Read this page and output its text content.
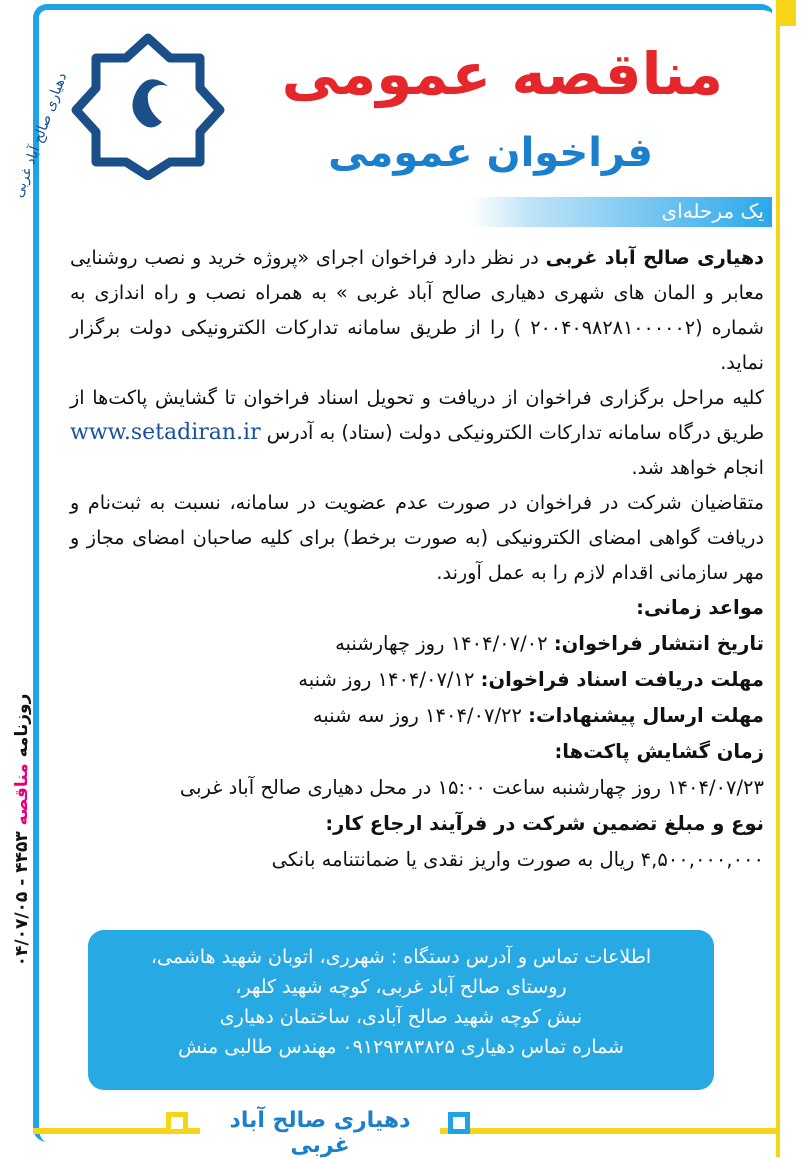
روزنامه مناقصه ۴۴۵۳ - ۰۴/۰۷/۰۵
دهیاری صالح آباد غربی	مناقصه عمومی
فراخوان عمومی
یک مرحله‌ای

دهیاری صالح آباد غربی در نظر دارد فراخوان اجرای «پروژه خرید و نصب روشنایی معابر و المان های شهری دهیاری صالح آباد غربی » به همراه نصب و راه اندازی به شماره (۲۰۰۴۰۹۸۲۸۱۰۰۰۰۰۲ ) را از طریق سامانه تدارکات الکترونیکی دولت برگزار نماید.

کلیه مراحل برگزاری فراخوان از دریافت و تحویل اسناد فراخوان تا گشایش پاکت‌ها از طریق درگاه سامانه تدارکات الکترونیکی دولت (ستاد) به آدرس www.setadiran.ir انجام خواهد شد.

متقاضیان شرکت در فراخوان در صورت عدم عضویت در سامانه، نسبت به ثبت‌نام و دریافت گواهی امضای الکترونیکی (به صورت برخط) برای کلیه صاحبان امضای مجاز و مهر سازمانی اقدام لازم را به عمل آورند.

مواعد زمانی:
تاریخ انتشار فراخوان: ۱۴۰۴/۰۷/۰۲ روز چهارشنبه
مهلت دریافت اسناد فراخوان: ۱۴۰۴/۰۷/۱۲ روز شنبه
مهلت ارسال پیشنهادات: ۱۴۰۴/۰۷/۲۲ روز سه شنبه
زمان گشایش پاکت‌ها:
۱۴۰۴/۰۷/۲۳ روز چهارشنبه ساعت ۱۵:۰۰ در محل دهیاری صالح آباد غربی
نوع و مبلغ تضمین شرکت در فرآیند ارجاع کار:
۴,۵۰۰,۰۰۰,۰۰۰ ریال به صورت واریز نقدی یا ضمانتنامه بانکی
اطلاعات تماس و آدرس دستگاه : شهرری، اتوبان شهید هاشمی،
روستای صالح آباد غربی، کوچه شهید کلهر،
نبش کوچه شهید صالح آبادی، ساختمان دهیاری
شماره تماس دهیاری ۰۹۱۲۹۳۸۳۸۲۵ مهندس طالبی منش
دهیاری صالح آباد غربی
